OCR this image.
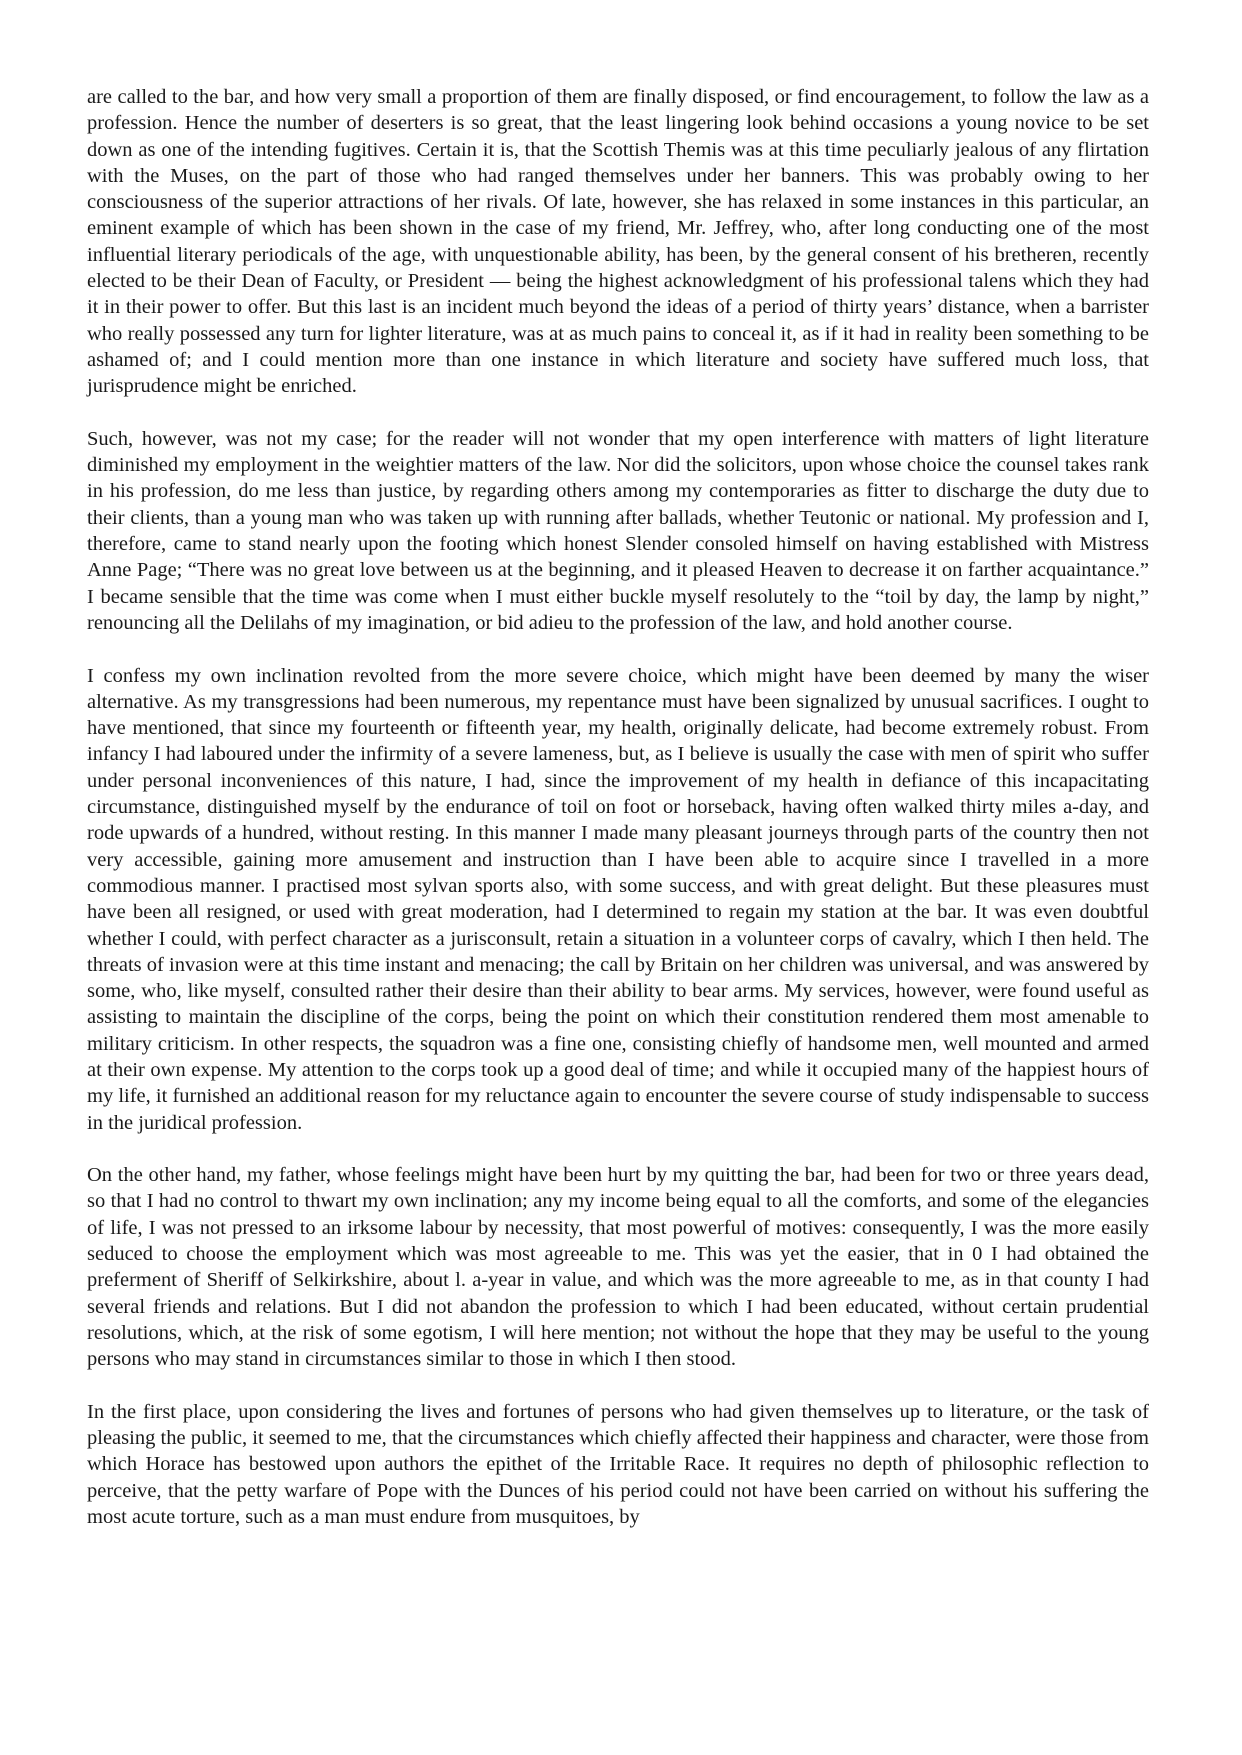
are called to the bar, and how very small a proportion of them are finally disposed, or find encouragement, to follow the law as a profession. Hence the number of deserters is so great, that the least lingering look behind occasions a young novice to be set down as one of the intending fugitives. Certain it is, that the Scottish Themis was at this time peculiarly jealous of any flirtation with the Muses, on the part of those who had ranged themselves under her banners. This was probably owing to her consciousness of the superior attractions of her rivals. Of late, however, she has relaxed in some instances in this particular, an eminent example of which has been shown in the case of my friend, Mr. Jeffrey, who, after long conducting one of the most influential literary periodicals of the age, with unquestionable ability, has been, by the general consent of his bretheren, recently elected to be their Dean of Faculty, or President — being the highest acknowledgment of his professional talens which they had it in their power to offer. But this last is an incident much beyond the ideas of a period of thirty years’ distance, when a barrister who really possessed any turn for lighter literature, was at as much pains to conceal it, as if it had in reality been something to be ashamed of; and I could mention more than one instance in which literature and society have suffered much loss, that jurisprudence might be enriched.

Such, however, was not my case; for the reader will not wonder that my open interference with matters of light literature diminished my employment in the weightier matters of the law. Nor did the solicitors, upon whose choice the counsel takes rank in his profession, do me less than justice, by regarding others among my contemporaries as fitter to discharge the duty due to their clients, than a young man who was taken up with running after ballads, whether Teutonic or national. My profession and I, therefore, came to stand nearly upon the footing which honest Slender consoled himself on having established with Mistress Anne Page; “There was no great love between us at the beginning, and it pleased Heaven to decrease it on farther acquaintance.” I became sensible that the time was come when I must either buckle myself resolutely to the “toil by day, the lamp by night,” renouncing all the Delilahs of my imagination, or bid adieu to the profession of the law, and hold another course.

I confess my own inclination revolted from the more severe choice, which might have been deemed by many the wiser alternative. As my transgressions had been numerous, my repentance must have been signalized by unusual sacrifices. I ought to have mentioned, that since my fourteenth or fifteenth year, my health, originally delicate, had become extremely robust. From infancy I had laboured under the infirmity of a severe lameness, but, as I believe is usually the case with men of spirit who suffer under personal inconveniences of this nature, I had, since the improvement of my health in defiance of this incapacitating circumstance, distinguished myself by the endurance of toil on foot or horseback, having often walked thirty miles a-day, and rode upwards of a hundred, without resting. In this manner I made many pleasant journeys through parts of the country then not very accessible, gaining more amusement and instruction than I have been able to acquire since I travelled in a more commodious manner. I practised most sylvan sports also, with some success, and with great delight. But these pleasures must have been all resigned, or used with great moderation, had I determined to regain my station at the bar. It was even doubtful whether I could, with perfect character as a jurisconsult, retain a situation in a volunteer corps of cavalry, which I then held. The threats of invasion were at this time instant and menacing; the call by Britain on her children was universal, and was answered by some, who, like myself, consulted rather their desire than their ability to bear arms. My services, however, were found useful as assisting to maintain the discipline of the corps, being the point on which their constitution rendered them most amenable to military criticism. In other respects, the squadron was a fine one, consisting chiefly of handsome men, well mounted and armed at their own expense. My attention to the corps took up a good deal of time; and while it occupied many of the happiest hours of my life, it furnished an additional reason for my reluctance again to encounter the severe course of study indispensable to success in the juridical profession.

On the other hand, my father, whose feelings might have been hurt by my quitting the bar, had been for two or three years dead, so that I had no control to thwart my own inclination; any my income being equal to all the comforts, and some of the elegancies of life, I was not pressed to an irksome labour by necessity, that most powerful of motives: consequently, I was the more easily seduced to choose the employment which was most agreeable to me. This was yet the easier, that in 0 I had obtained the preferment of Sheriff of Selkirkshire, about l. a-year in value, and which was the more agreeable to me, as in that county I had several friends and relations. But I did not abandon the profession to which I had been educated, without certain prudential resolutions, which, at the risk of some egotism, I will here mention; not without the hope that they may be useful to the young persons who may stand in circumstances similar to those in which I then stood.

In the first place, upon considering the lives and fortunes of persons who had given themselves up to literature, or the task of pleasing the public, it seemed to me, that the circumstances which chiefly affected their happiness and character, were those from which Horace has bestowed upon authors the epithet of the Irritable Race. It requires no depth of philosophic reflection to perceive, that the petty warfare of Pope with the Dunces of his period could not have been carried on without his suffering the most acute torture, such as a man must endure from musquitoes, by
